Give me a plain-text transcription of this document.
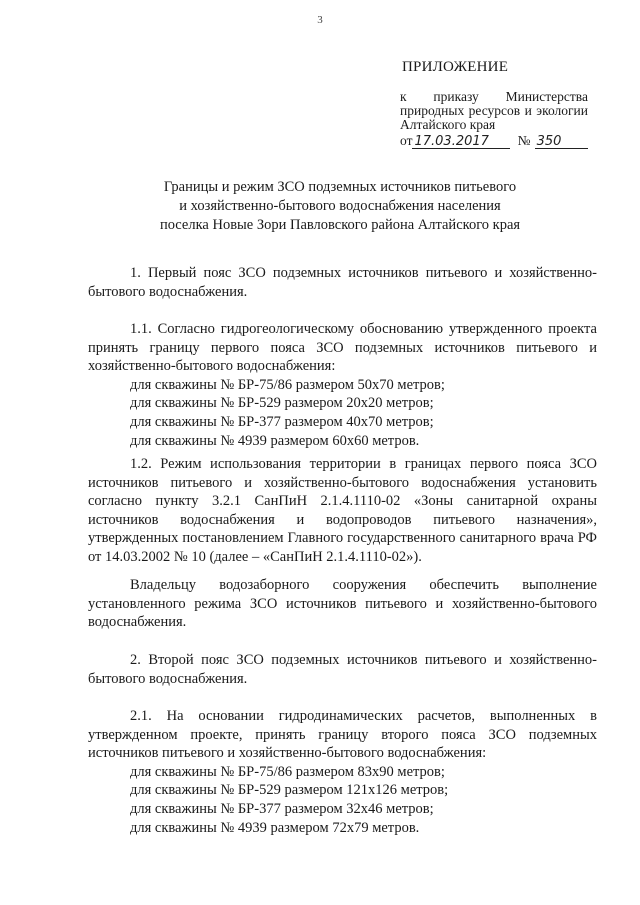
3
ПРИЛОЖЕНИЕ
к приказу Министерства природных ресурсов и экологии Алтайского края
от 17.03.2017	№ 350
Границы и режим ЗСО подземных источников питьевого
и хозяйственно-бытового водоснабжения населения
поселка Новые Зори Павловского района Алтайского края

1. Первый пояс ЗСО подземных источников питьевого и хозяйственно-бытового водоснабжения.

1.1. Согласно гидрогеологическому обоснованию утвержденного проекта принять границу первого пояса ЗСО подземных источников питьевого и хозяйственно-бытового водоснабжения:

для скважины № БР-75/86 размером 50х70 метров;
для скважины № БР-529 размером 20х20 метров;
для скважины № БР-377 размером 40х70 метров;
для скважины № 4939 размером 60х60 метров.

1.2. Режим использования территории в границах первого пояса ЗСО источников питьевого и хозяйственно-бытового водоснабжения установить согласно пункту 3.2.1 СанПиН 2.1.4.1110-02 «Зоны санитарной охраны источников водоснабжения и водопроводов питьевого назначения», утвержденных постановлением Главного государственного санитарного врача РФ от 14.03.2002 № 10 (далее – «СанПиН 2.1.4.1110-02»).

Владельцу водозаборного сооружения обеспечить выполнение установленного режима ЗСО источников питьевого и хозяйственно-бытового водоснабжения.

2. Второй пояс ЗСО подземных источников питьевого и хозяйственно-бытового водоснабжения.

2.1. На основании гидродинамических расчетов, выполненных в утвержденном проекте, принять границу второго пояса ЗСО подземных источников питьевого и хозяйственно-бытового водоснабжения:

для скважины № БР-75/86 размером 83х90 метров;
для скважины № БР-529 размером 121х126 метров;
для скважины № БР-377 размером 32х46 метров;
для скважины № 4939 размером 72х79 метров.
